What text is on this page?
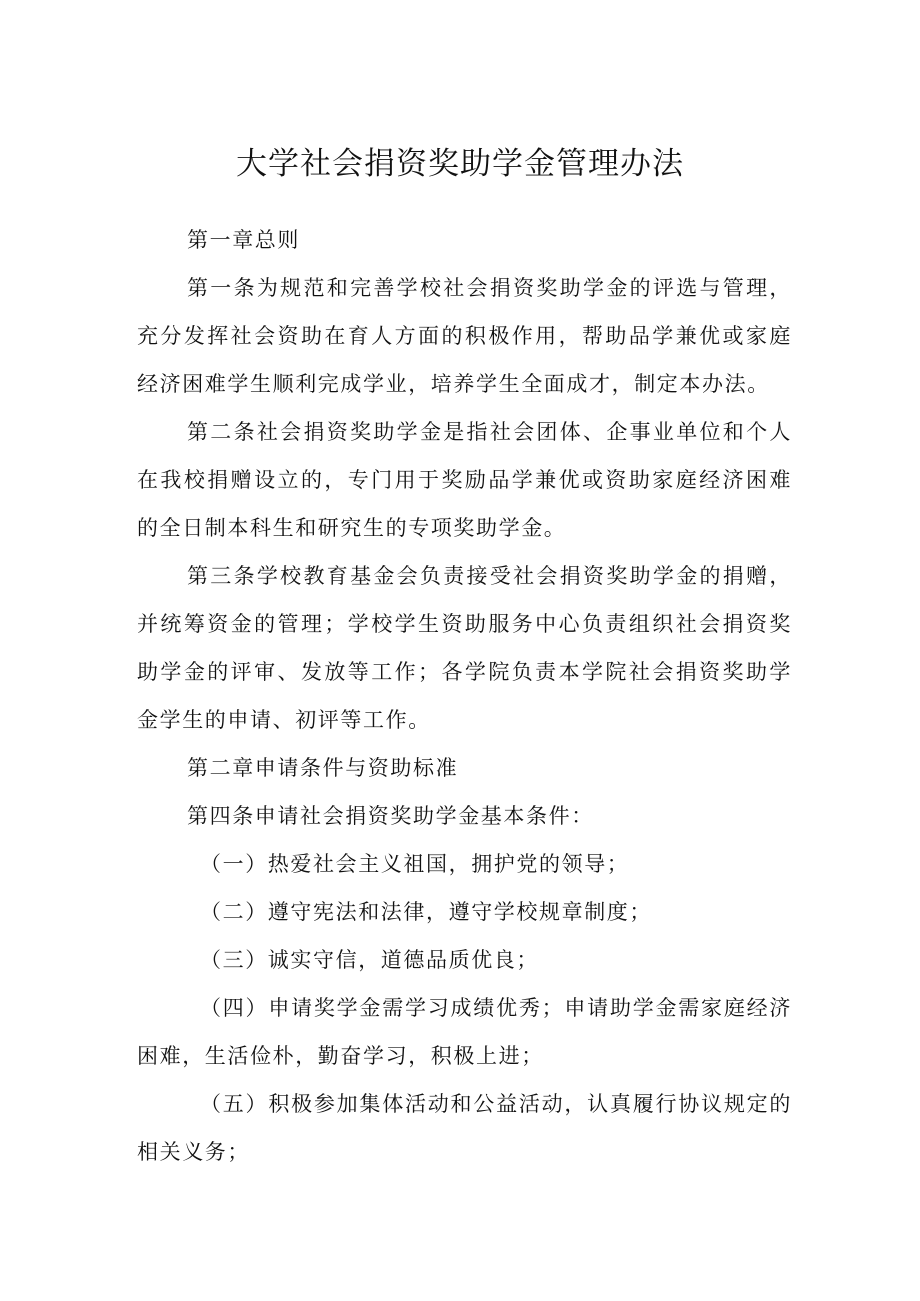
大学社会捐资奖助学金管理办法

第一章总则

第一条为规范和完善学校社会捐资奖助学金的评选与管理，充分发挥社会资助在育人方面的积极作用，帮助品学兼优或家庭经济困难学生顺利完成学业，培养学生全面成才，制定本办法。

第二条社会捐资奖助学金是指社会团体、企事业单位和个人在我校捐赠设立的，专门用于奖励品学兼优或资助家庭经济困难的全日制本科生和研究生的专项奖助学金。

第三条学校教育基金会负责接受社会捐资奖助学金的捐赠，并统筹资金的管理；学校学生资助服务中心负责组织社会捐资奖助学金的评审、发放等工作；各学院负责本学院社会捐资奖助学金学生的申请、初评等工作。

第二章申请条件与资助标准

第四条申请社会捐资奖助学金基本条件：

（一）热爱社会主义祖国，拥护党的领导；

（二）遵守宪法和法律，遵守学校规章制度；

（三）诚实守信，道德品质优良；

（四）申请奖学金需学习成绩优秀；申请助学金需家庭经济困难，生活俭朴，勤奋学习，积极上进；

（五）积极参加集体活动和公益活动，认真履行协议规定的相关义务；
